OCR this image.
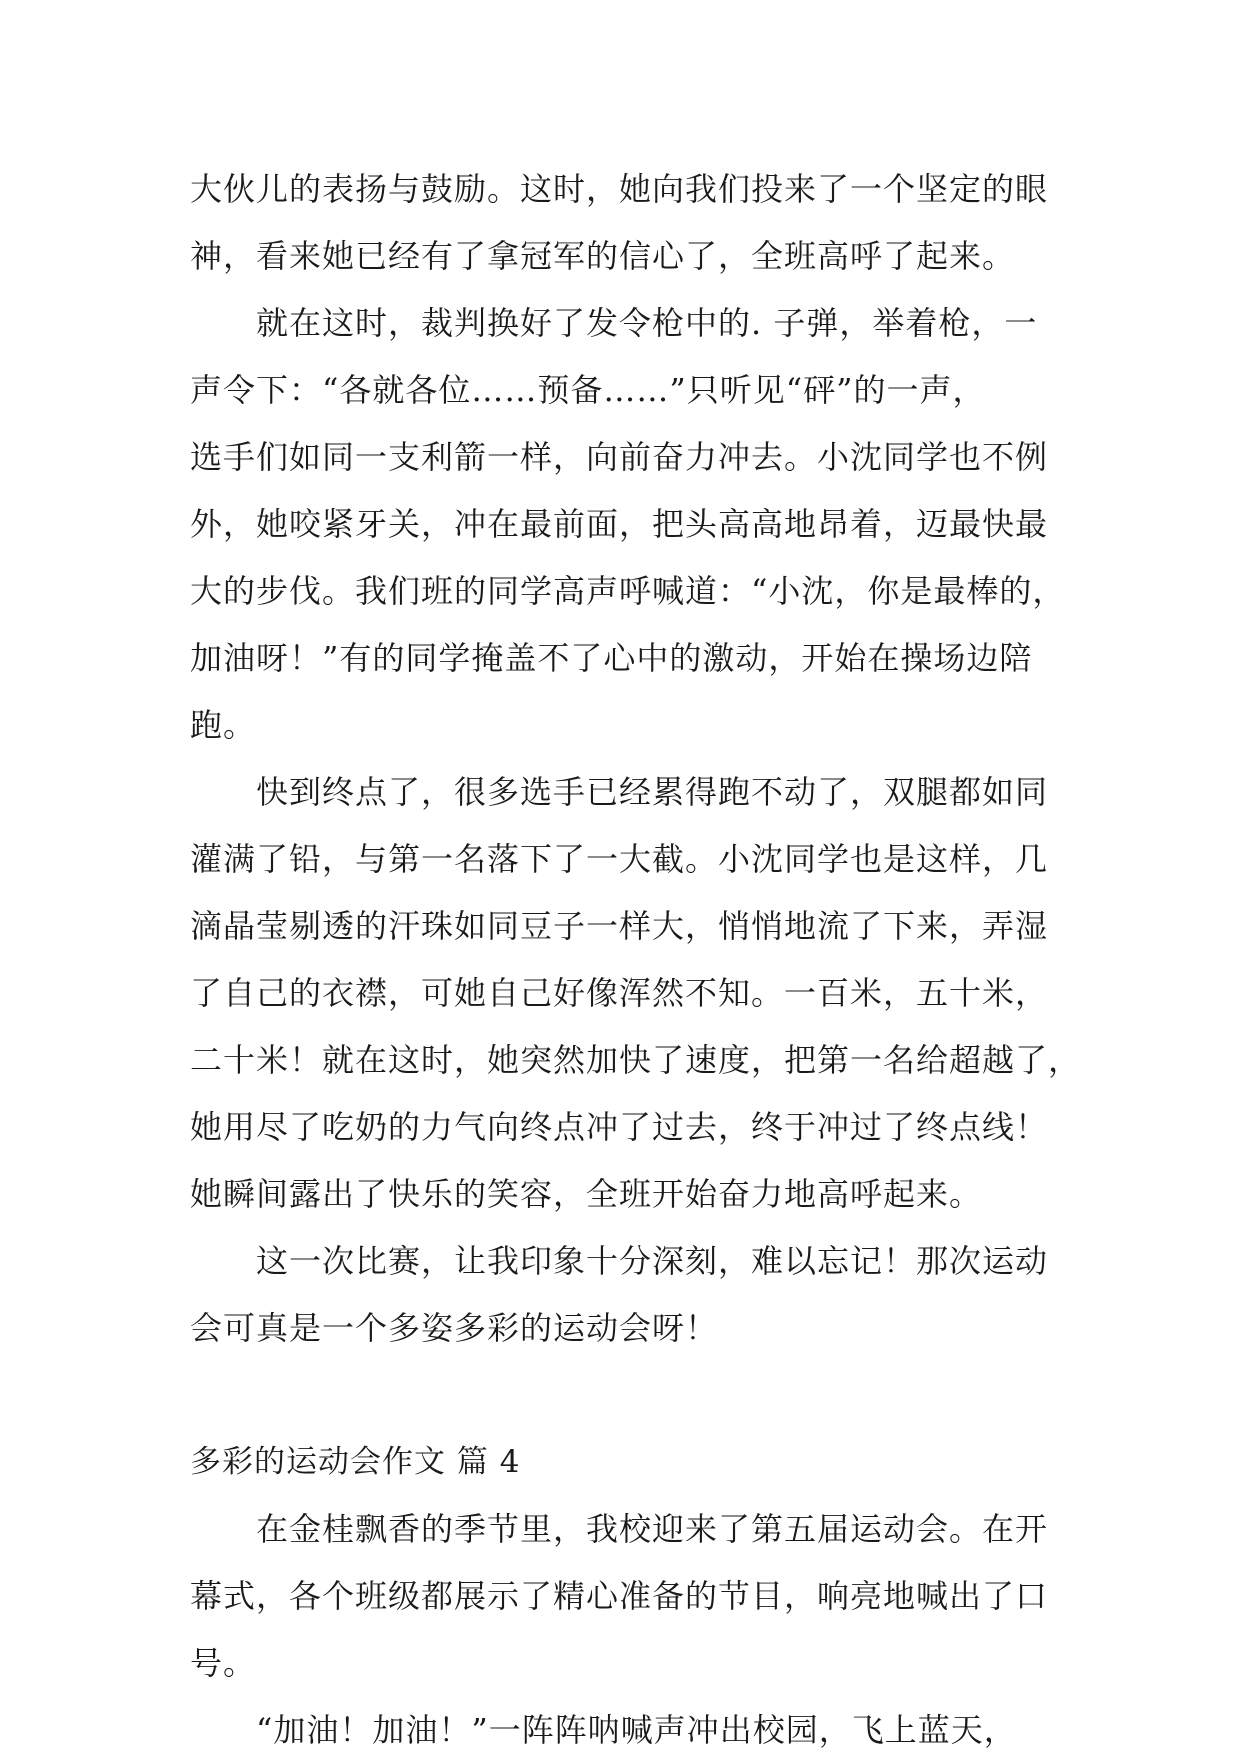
大伙儿的表扬与鼓励。这时，她向我们投来了一个坚定的眼
神，看来她已经有了拿冠军的信心了，全班高呼了起来。
就在这时，裁判换好了发令枪中的. 子弹，举着枪，一
声令下：“各就各位……预备……”只听见“砰”的一声，
选手们如同一支利箭一样，向前奋力冲去。小沈同学也不例
外，她咬紧牙关，冲在最前面，把头高高地昂着，迈最快最
大的步伐。我们班的同学高声呼喊道：“小沈，你是最棒的，
加油呀！”有的同学掩盖不了心中的激动，开始在操场边陪
跑。
快到终点了，很多选手已经累得跑不动了，双腿都如同
灌满了铅，与第一名落下了一大截。小沈同学也是这样，几
滴晶莹剔透的汗珠如同豆子一样大，悄悄地流了下来，弄湿
了自己的衣襟，可她自己好像浑然不知。一百米，五十米，
二十米！就在这时，她突然加快了速度，把第一名给超越了，
她用尽了吃奶的力气向终点冲了过去，终于冲过了终点线！
她瞬间露出了快乐的笑容，全班开始奋力地高呼起来。
这一次比赛，让我印象十分深刻，难以忘记！那次运动
会可真是一个多姿多彩的运动会呀！
多彩的运动会作文 篇 4
在金桂飘香的季节里，我校迎来了第五届运动会。在开
幕式，各个班级都展示了精心准备的节目，响亮地喊出了口
号。
“加油！加油！”一阵阵呐喊声冲出校园，飞上蓝天，
